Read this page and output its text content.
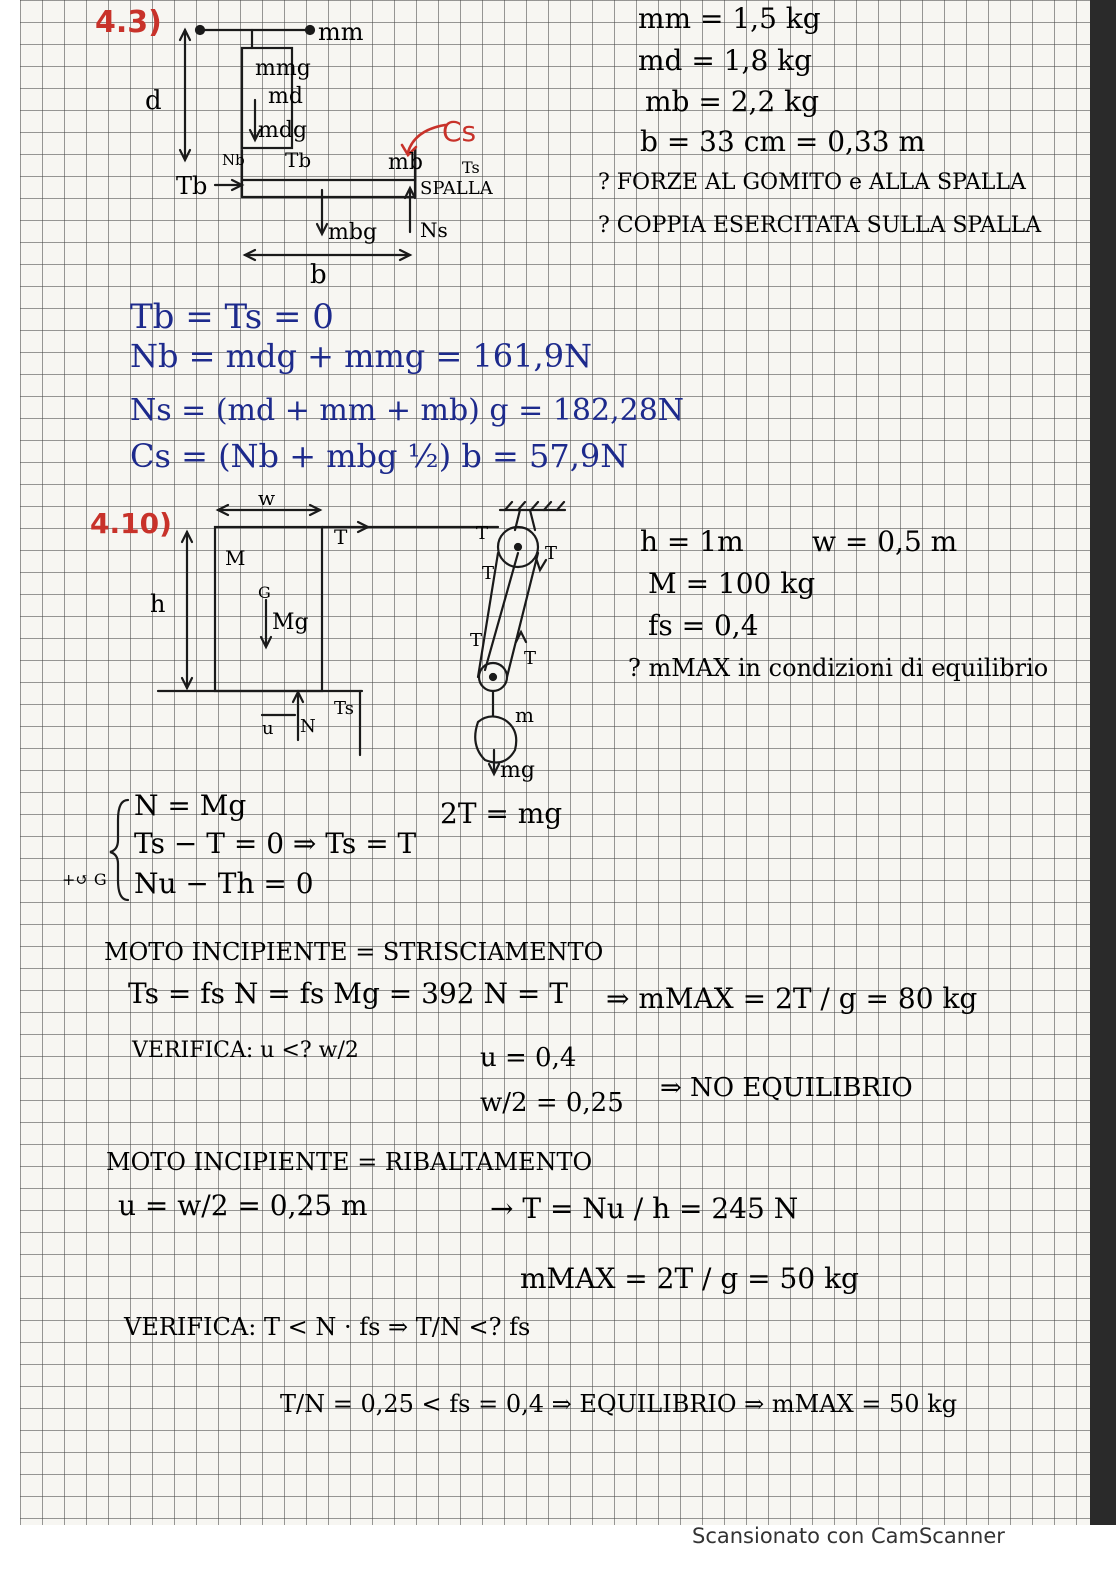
Scansionato con CamScanner
4.3)	mm
mmg
md
mdg
Nb Tb
Tb
Cs
mb Ts
SPALLA
mbg Ns
d
b
mm = 1,5 kg
md = 1,8 kg
mb = 2,2 kg
b = 33 cm = 0,33 m
? FORZE AL GOMITO e ALLA SPALLA
? COPPIA ESERCITATA SULLA SPALLA
Tb = Ts = 0
Nb = mdg + mmg = 161,9N
Ns = (md + mm + mb) g = 182,28N
Cs = (Nb + mbg ½) b = 57,9N
4.10)
w
M
h	G
Mg
u N
Ts
T	T
T
T
T
T
m
mg
h = 1m w = 0,5 m
M = 100 kg
fs = 0,4
? mMAX in condizioni di equilibrio
N = Mg
Ts − T = 0 ⇒ Ts = T
Nu − Th = 0
+↺ G
2T = mg
MOTO INCIPIENTE = STRISCIAMENTO
Ts = fs N = fs Mg = 392 N = T ⇒ mMAX = 2T / g = 80 kg
VERIFICA: u <? w/2	u = 0,4
w/2 = 0,25 ⇒ NO EQUILIBRIO
MOTO INCIPIENTE = RIBALTAMENTO
u = w/2 = 0,25 m	→ T = Nu / h = 245 N
mMAX = 2T / g = 50 kg
VERIFICA: T < N · fs ⇒ T/N <? fs
T/N = 0,25 < fs = 0,4 ⇒ EQUILIBRIO ⇒ mMAX = 50 kg
